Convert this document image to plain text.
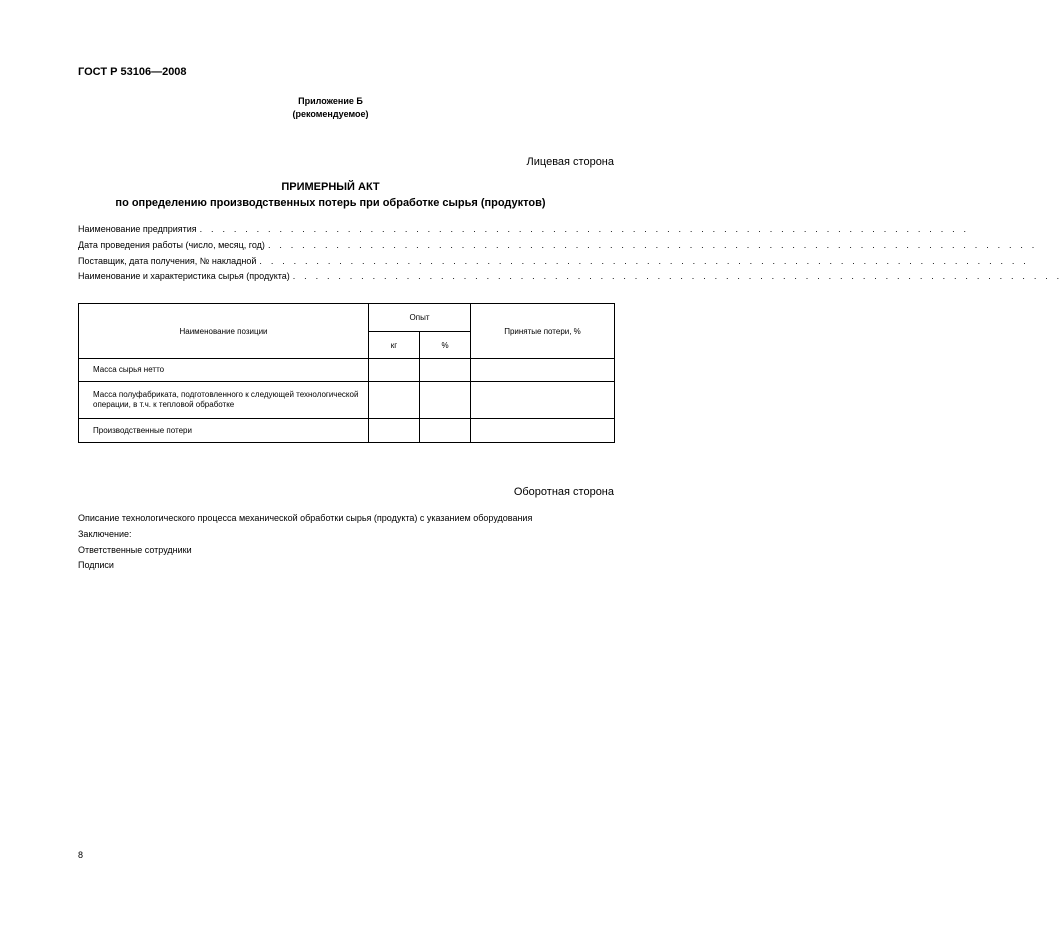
ГОСТ Р 53106—2008
Приложение Б
(рекомендуемое)
Лицевая сторона
ПРИМЕРНЫЙ АКТ
по определению производственных потерь при обработке сырья (продуктов)
Наименование предприятия . . . . . . . . . . . . . . . . . . . . . . . . . . . . . . . . . . . . . . . . . . . . . . . . . . . . . . . . . . . . . . . . . . . .
Дата проведения работы (число, месяц, год) . . . . . . . . . . . . . . . . . . . . . . . . . . . . . . . . . . . . . . . . . . . . . . . . . . . . . . . . . . . . . . . . . . . .
Поставщик, дата получения, № накладной . . . . . . . . . . . . . . . . . . . . . . . . . . . . . . . . . . . . . . . . . . . . . . . . . . . . . . . . . . . . . . . . . . . .
Наименование и характеристика сырья (продукта) . . . . . . . . . . . . . . . . . . . . . . . . . . . . . . . . . . . . . . . . . . . . . . . . . . . . . . . . . . . . . . . . . . . .
Наименование позиции	Опыт		Принятые потери, %
	кг	%	
Масса сырья нетто			
Масса полуфабриката, подготовленного к следующей технологической операции, в т.ч. к тепловой обработке			
Производственные потери			
Оборотная сторона
Описание технологического процесса механической обработки сырья (продукта) с указанием оборудования
Заключение:
Ответственные сотрудники
Подписи
8
